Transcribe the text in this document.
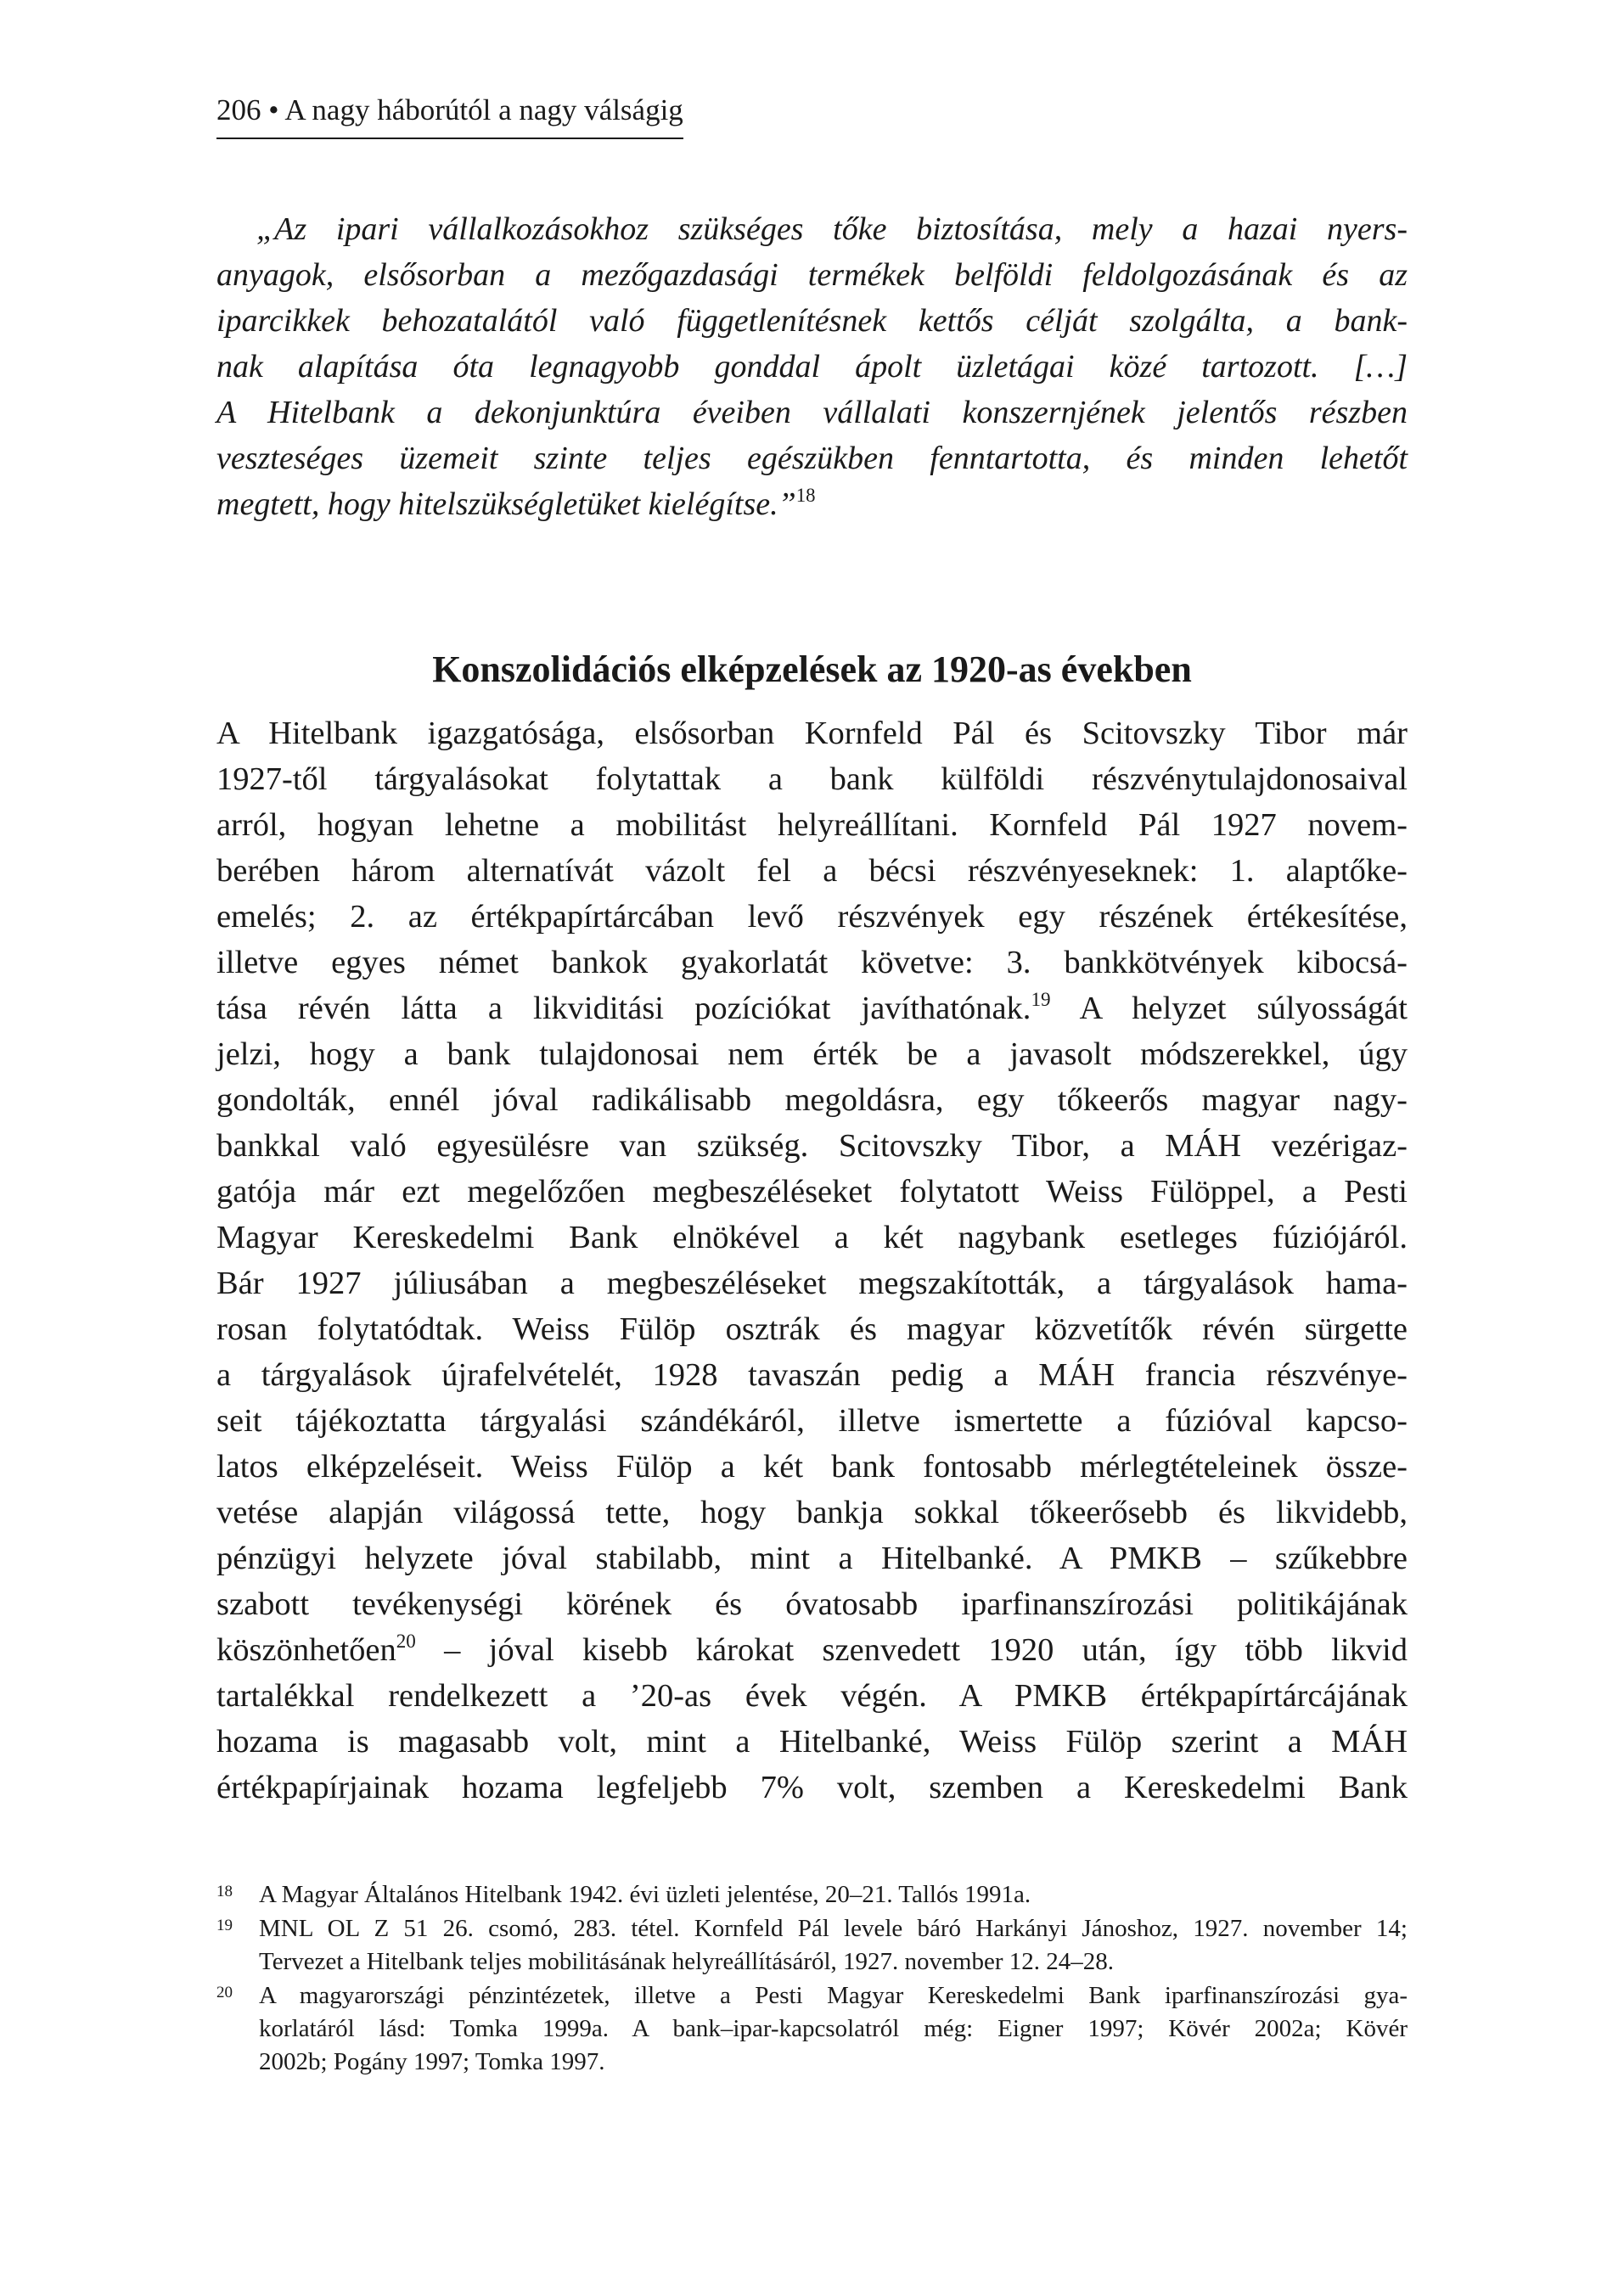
206 • A nagy háborútól a nagy válságig
„Az ipari vállalkozásokhoz szükséges tőke biztosítása, mely a hazai nyers-
anyagok, elsősorban a mezőgazdasági termékek belföldi feldolgozásának és az
iparcikkek behozatalától való függetlenítésnek kettős célját szolgálta, a bank-
nak alapítása óta legnagyobb gonddal ápolt üzletágai közé tartozott. […]
A Hitelbank a dekonjunktúra éveiben vállalati konszernjének jelentős részben
veszteséges üzemeit szinte teljes egészükben fenntartotta, és minden lehetőt
megtett, hogy hitelszükségletüket kielégítse.”$^{18}$
Konszolidációs elképzelések az 1920-as években
A Hitelbank igazgatósága, elsősorban Kornfeld Pál és Scitovszky Tibor már
1927-től tárgyalásokat folytattak a bank külföldi részvénytulajdonosaival
arról, hogyan lehetne a mobilitást helyreállítani. Kornfeld Pál 1927 novem-
berében három alternatívát vázolt fel a bécsi részvényeseknek: 1. alaptőke-
emelés; 2. az értékpapírtárcában levő részvények egy részének értékesítése,
illetve egyes német bankok gyakorlatát követve: 3. bankkötvények kibocsá-
tása révén látta a likviditási pozíciókat javíthatónak.$^{19}$ A helyzet súlyosságát
jelzi, hogy a bank tulajdonosai nem érték be a javasolt módszerekkel, úgy
gondolták, ennél jóval radikálisabb megoldásra, egy tőkeerős magyar nagy-
bankkal való egyesülésre van szükség. Scitovszky Tibor, a MÁH vezérigaz-
gatója már ezt megelőzően megbeszéléseket folytatott Weiss Fülöppel, a Pesti
Magyar Kereskedelmi Bank elnökével a két nagybank esetleges fúziójáról.
Bár 1927 júliusában a megbeszéléseket megszakították, a tárgyalások hama-
rosan folytatódtak. Weiss Fülöp osztrák és magyar közvetítők révén sürgette
a tárgyalások újrafelvételét, 1928 tavaszán pedig a MÁH francia részvénye-
seit tájékoztatta tárgyalási szándékáról, illetve ismertette a fúzióval kapcso-
latos elképzeléseit. Weiss Fülöp a két bank fontosabb mérlegtételeinek össze-
vetése alapján világossá tette, hogy bankja sokkal tőkeerősebb és likvidebb,
pénzügyi helyzete jóval stabilabb, mint a Hitelbanké. A PMKB – szűkebbre
szabott tevékenységi körének és óvatosabb iparfinanszírozási politikájának
köszönhetően$^{20}$ – jóval kisebb károkat szenvedett 1920 után, így több likvid
tartalékkal rendelkezett a ’20-as évek végén. A PMKB értékpapírtárcájának
hozama is magasabb volt, mint a Hitelbanké, Weiss Fülöp szerint a MÁH
értékpapírjainak hozama legfeljebb 7% volt, szemben a Kereskedelmi Bank
18 A Magyar Általános Hitelbank 1942. évi üzleti jelentése, 20–21. Tallós 1991a.
19 MNL OL Z 51 26. csomó, 283. tétel. Kornfeld Pál levele báró Harkányi Jánoshoz, 1927. november 14;
Tervezet a Hitelbank teljes mobilitásának helyreállításáról, 1927. november 12. 24–28.
20 A magyarországi pénzintézetek, illetve a Pesti Magyar Kereskedelmi Bank iparfinanszírozási gya-
korlatáról lásd: Tomka 1999a. A bank–ipar-kapcsolatról még: Eigner 1997; Kövér 2002a; Kövér
2002b; Pogány 1997; Tomka 1997.
